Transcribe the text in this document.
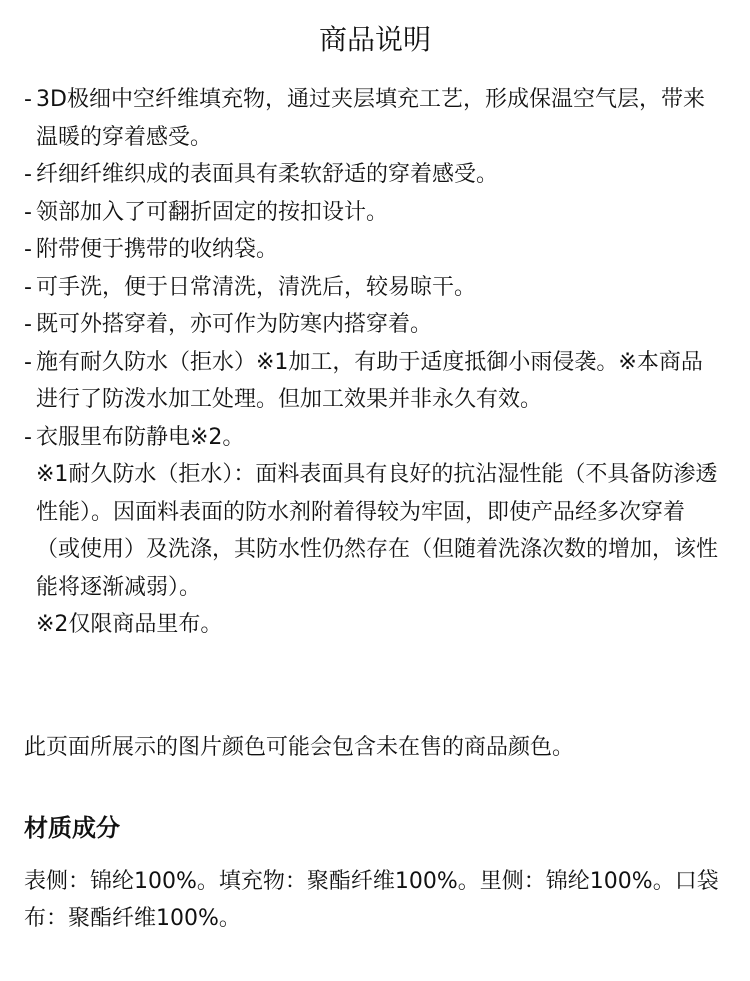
商品说明
- 3D极细中空纤维填充物，通过夹层填充工艺，形成保温空气层，带来温暖的穿着感受。
- 纤细纤维织成的表面具有柔软舒适的穿着感受。
- 领部加入了可翻折固定的按扣设计。
- 附带便于携带的收纳袋。
- 可手洗，便于日常清洗，清洗后，较易晾干。
- 既可外搭穿着，亦可作为防寒内搭穿着。
- 施有耐久防水（拒水）※1加工，有助于适度抵御小雨侵袭。※本商品进行了防泼水加工处理。但加工效果并非永久有效。
- 衣服里布防静电※2。
※1耐久防水（拒水）：面料表面具有良好的抗沾湿性能（不具备防渗透性能）。因面料表面的防水剂附着得较为牢固，即使产品经多次穿着（或使用）及洗涤，其防水性仍然存在（但随着洗涤次数的增加，该性能将逐渐减弱）。
※2仅限商品里布。
此页面所展示的图片颜色可能会包含未在售的商品颜色。
材质成分
表侧：锦纶100%。填充物：聚酯纤维100%。里侧：锦纶100%。口袋布：聚酯纤维100%。
